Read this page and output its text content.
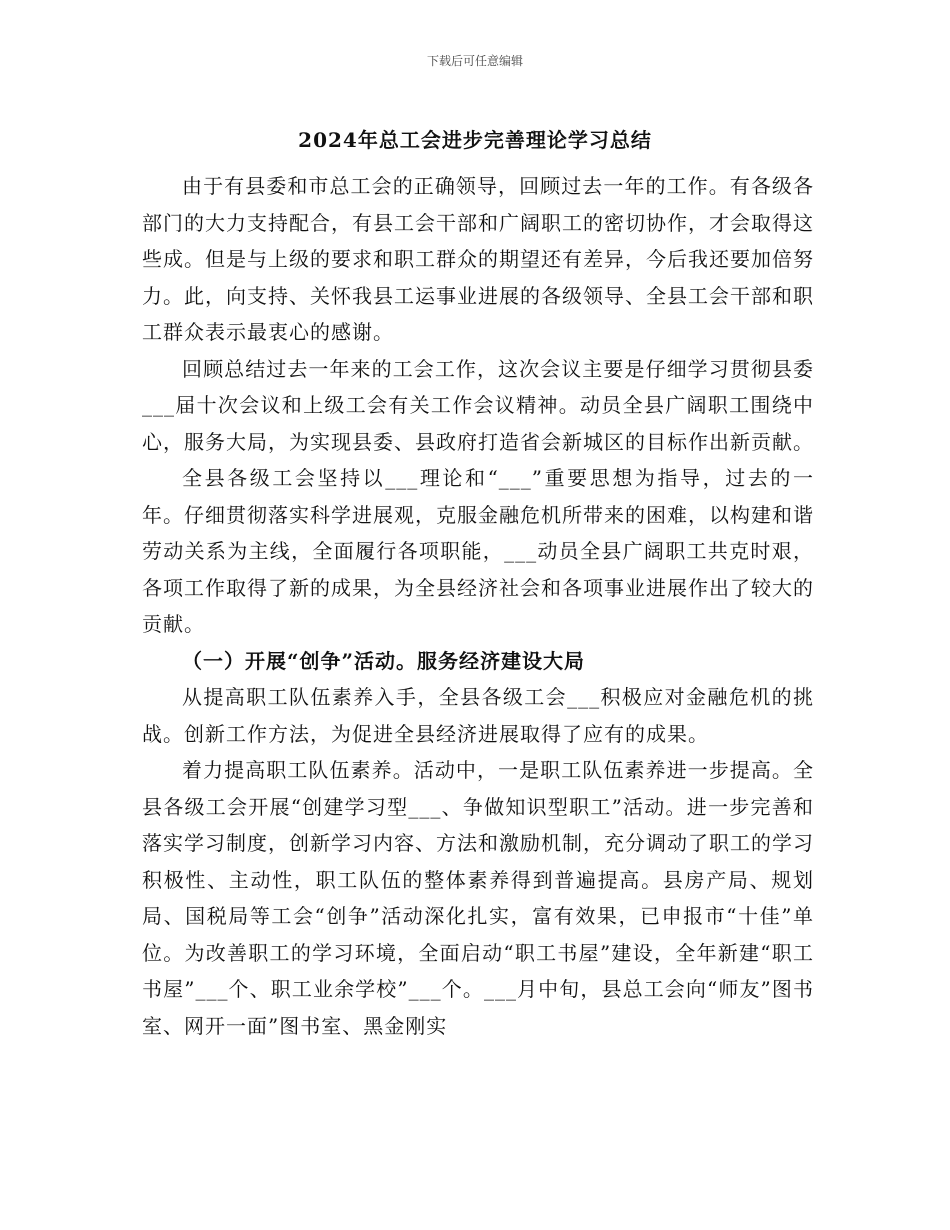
下载后可任意编辑
2024年总工会进步完善理论学习总结

由于有县委和市总工会的正确领导，回顾过去一年的工作。有各级各部门的大力支持配合，有县工会干部和广阔职工的密切协作，才会取得这些成。但是与上级的要求和职工群众的期望还有差异，今后我还要加倍努力。此，向支持、关怀我县工运事业进展的各级领导、全县工会干部和职工群众表示最衷心的感谢。

回顾总结过去一年来的工会工作，这次会议主要是仔细学习贯彻县委___届十次会议和上级工会有关工作会议精神。动员全县广阔职工围绕中心，服务大局，为实现县委、县政府打造省会新城区的目标作出新贡献。

全县各级工会坚持以___理论和“___”重要思想为指导，过去的一年。仔细贯彻落实科学进展观，克服金融危机所带来的困难，以构建和谐劳动关系为主线，全面履行各项职能，___动员全县广阔职工共克时艰，各项工作取得了新的成果，为全县经济社会和各项事业进展作出了较大的贡献。

（一）开展“创争”活动。服务经济建设大局

从提高职工队伍素养入手，全县各级工会___积极应对金融危机的挑战。创新工作方法，为促进全县经济进展取得了应有的成果。

着力提高职工队伍素养。活动中，一是职工队伍素养进一步提高。全县各级工会开展“创建学习型___、争做知识型职工”活动。进一步完善和落实学习制度，创新学习内容、方法和激励机制，充分调动了职工的学习积极性、主动性，职工队伍的整体素养得到普遍提高。县房产局、规划局、国税局等工会“创争”活动深化扎实，富有效果，已申报市“十佳”单位。为改善职工的学习环境，全面启动“职工书屋”建设，全年新建“职工书屋”___个、职工业余学校”___个。___月中旬，县总工会向“师友”图书室、网开一面”图书室、黑金刚实
